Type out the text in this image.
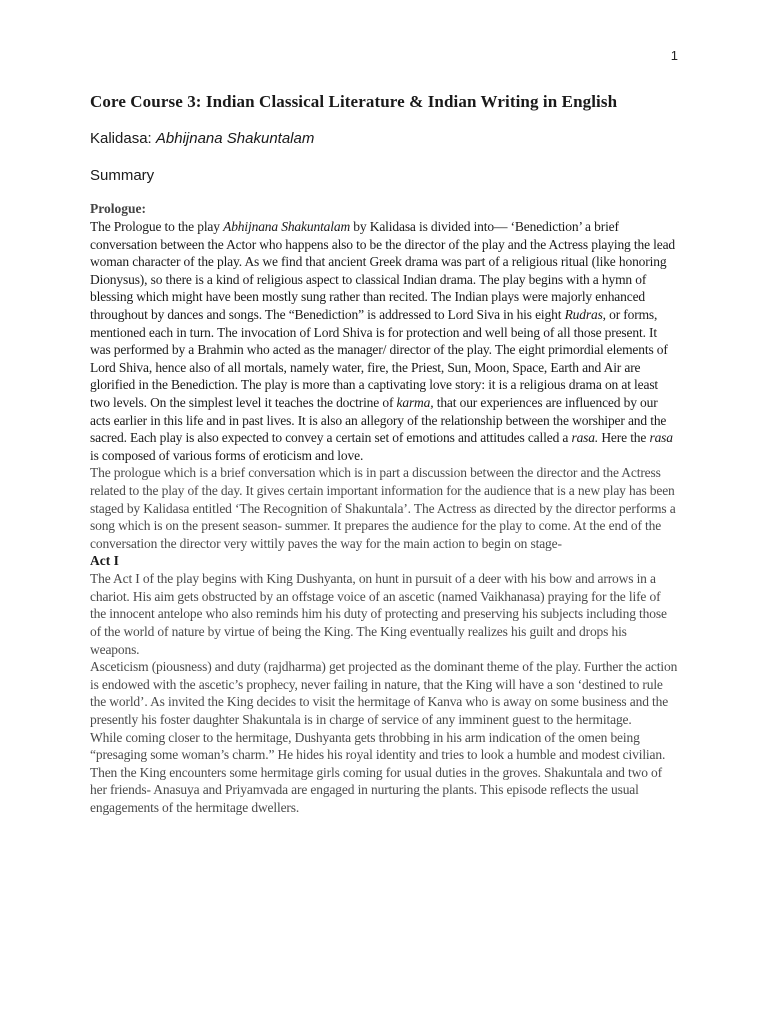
1
Core Course 3: Indian Classical Literature & Indian Writing in English
Kalidasa: Abhijnana Shakuntalam
Summary
Prologue:

The Prologue to the play Abhijnana Shakuntalam by Kalidasa is divided into— ‘Benediction’ a brief conversation between the Actor who happens also to be the director of the play and the Actress playing the lead woman character of the play. As we find that ancient Greek drama was part of a religious ritual (like honoring Dionysus), so there is a kind of religious aspect to classical Indian drama. The play begins with a hymn of blessing which might have been mostly sung rather than recited. The Indian plays were majorly enhanced throughout by dances and songs. The “Benediction” is addressed to Lord Siva in his eight Rudras, or forms, mentioned each in turn. The invocation of Lord Shiva is for protection and well being of all those present. It was performed by a Brahmin who acted as the manager/ director of the play. The eight primordial elements of Lord Shiva, hence also of all mortals, namely water, fire, the Priest, Sun, Moon, Space, Earth and Air are glorified in the Benediction. The play is more than a captivating love story: it is a religious drama on at least two levels. On the simplest level it teaches the doctrine of karma, that our experiences are influenced by our acts earlier in this life and in past lives. It is also an allegory of the relationship between the worshiper and the sacred. Each play is also expected to convey a certain set of emotions and attitudes called a rasa. Here the rasa is composed of various forms of eroticism and love.

The prologue which is a brief conversation which is in part a discussion between the director and the Actress related to the play of the day. It gives certain important information for the audience that is a new play has been staged by Kalidasa entitled ‘The Recognition of Shakuntala’. The Actress as directed by the director performs a song which is on the present season- summer. It prepares the audience for the play to come. At the end of the conversation the director very wittily paves the way for the main action to begin on stage-

Act I

The Act I of the play begins with King Dushyanta, on hunt in pursuit of a deer with his bow and arrows in a chariot. His aim gets obstructed by an offstage voice of an ascetic (named Vaikhanasa) praying for the life of the innocent antelope who also reminds him his duty of protecting and preserving his subjects including those of the world of nature by virtue of being the King. The King eventually realizes his guilt and drops his weapons.

Asceticism (piousness) and duty (rajdharma) get projected as the dominant theme of the play. Further the action is endowed with the ascetic’s prophecy, never failing in nature, that the King will have a son ‘destined to rule the world’. As invited the King decides to visit the hermitage of Kanva who is away on some business and the presently his foster daughter Shakuntala is in charge of service of any imminent guest to the hermitage.

While coming closer to the hermitage, Dushyanta gets throbbing in his arm indication of the omen being “presaging some woman’s charm.” He hides his royal identity and tries to look a humble and modest civilian.

Then the King encounters some hermitage girls coming for usual duties in the groves. Shakuntala and two of her friends- Anasuya and Priyamvada are engaged in nurturing the plants. This episode reflects the usual engagements of the hermitage dwellers.
